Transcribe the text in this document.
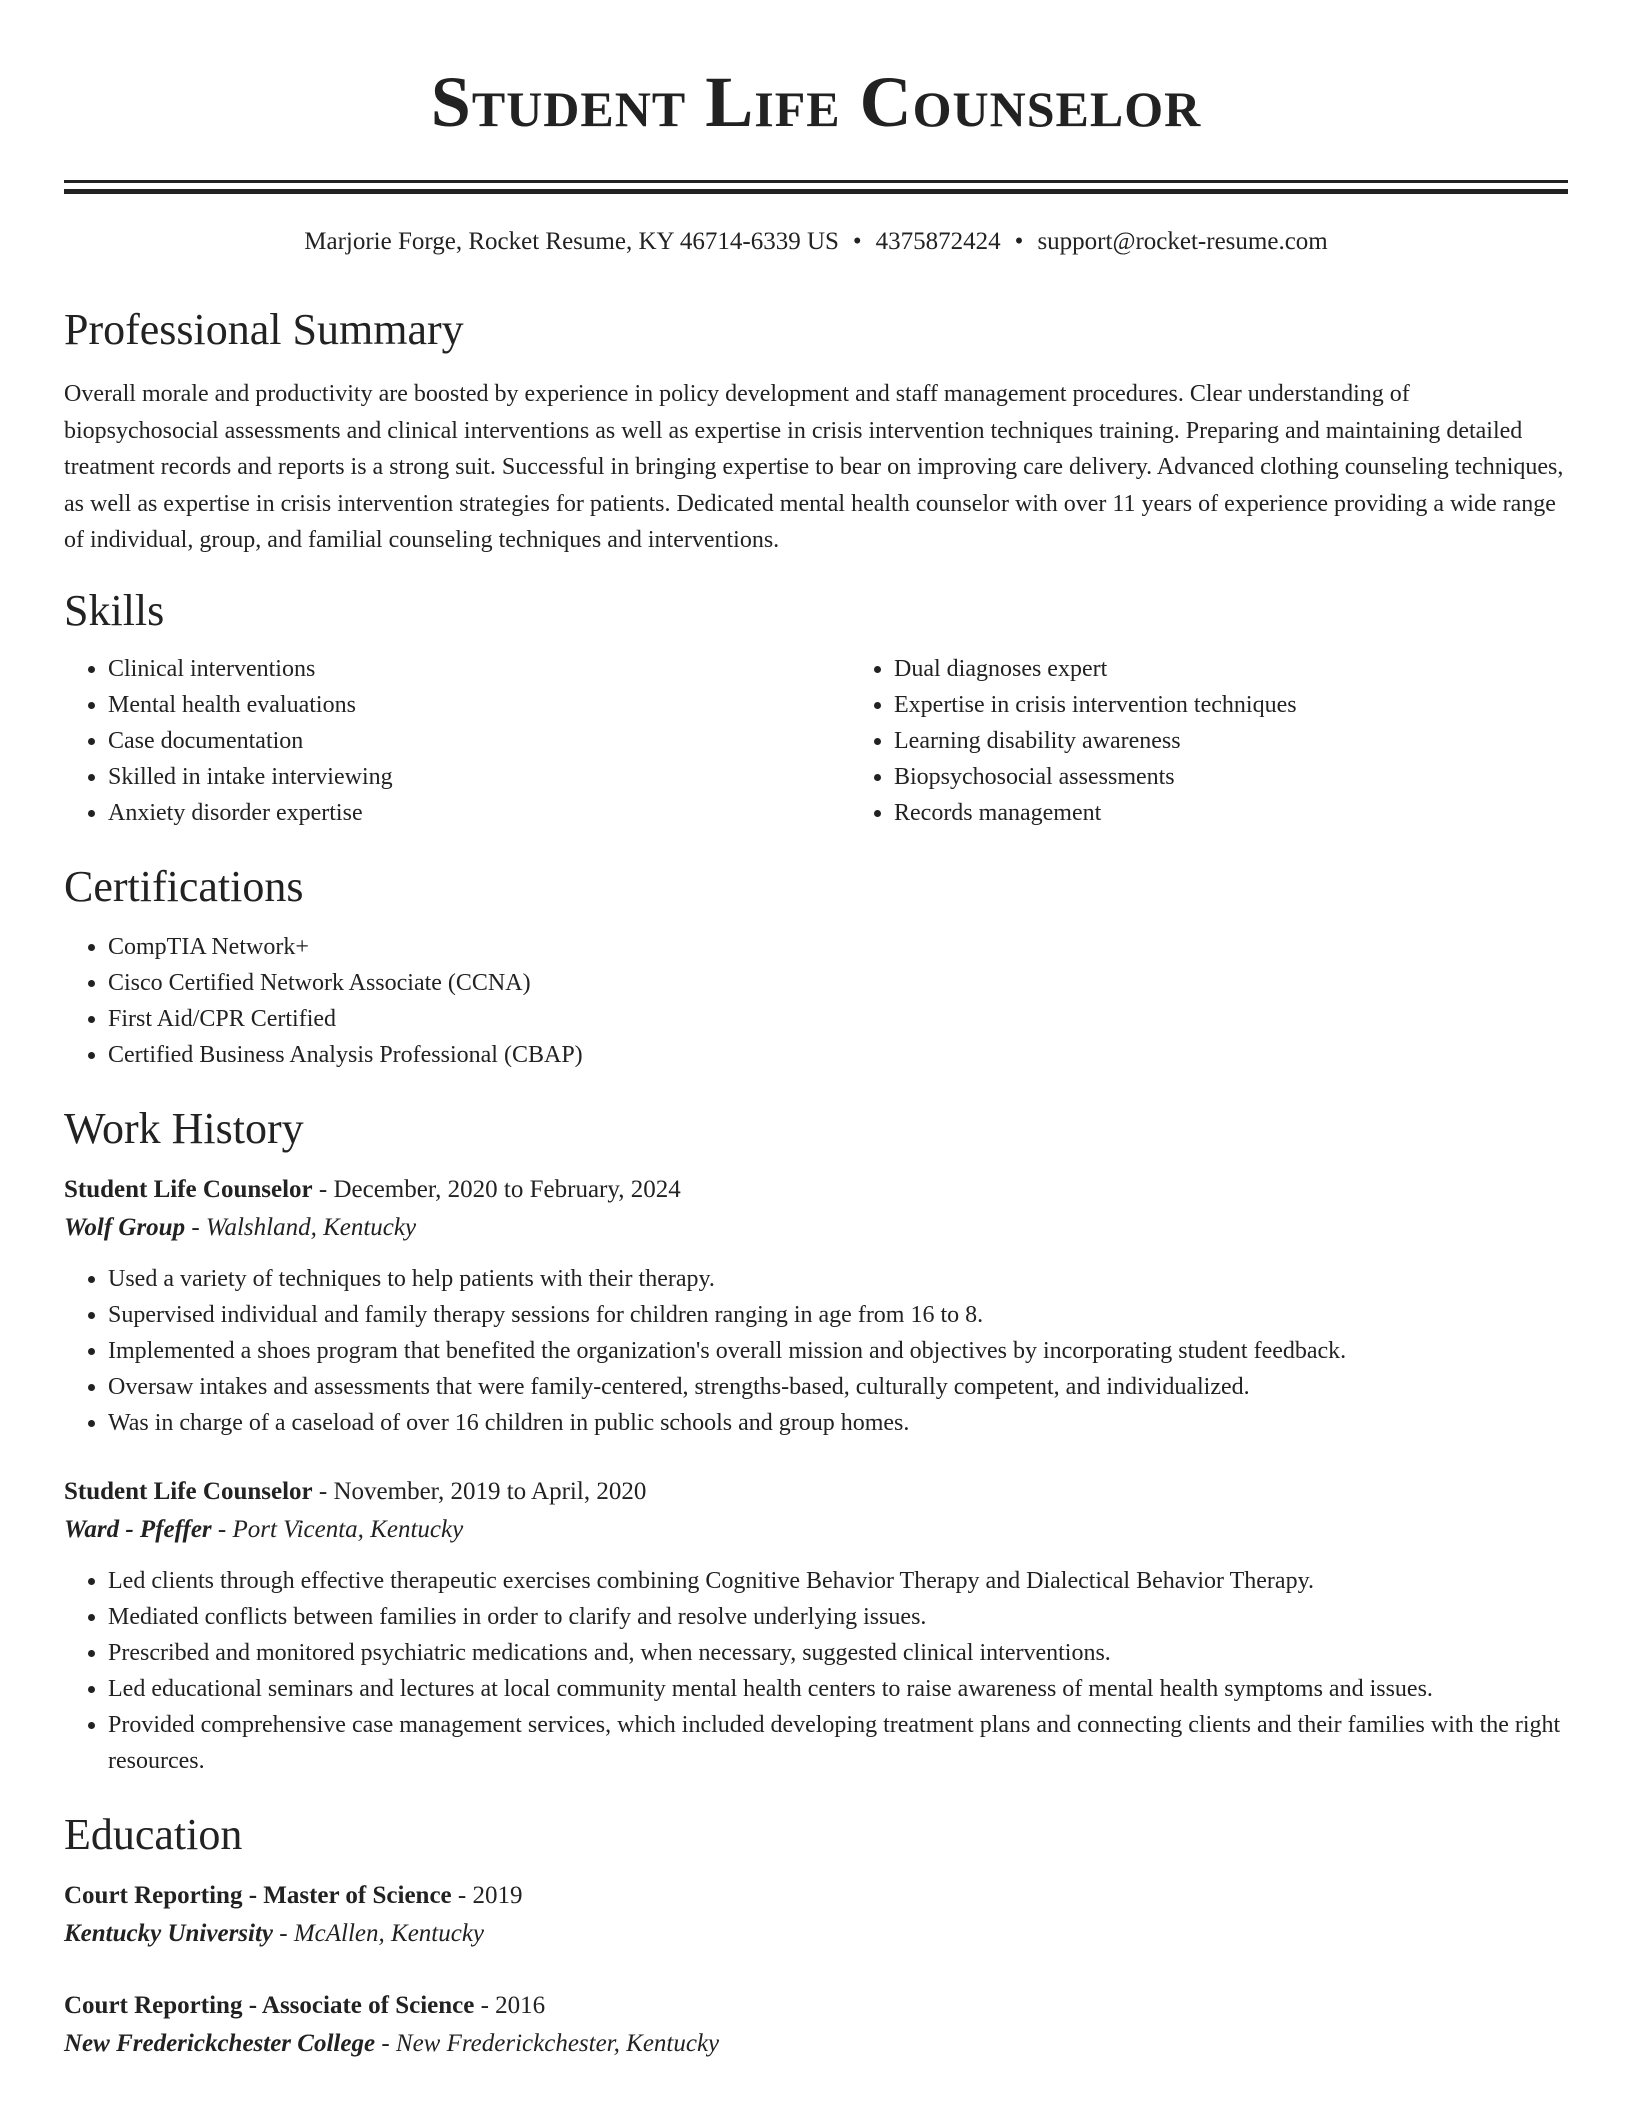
Student Life Counselor
Marjorie Forge, Rocket Resume, KY 46714-6339 US • 4375872424 • support@rocket-resume.com
Professional Summary

Overall morale and productivity are boosted by experience in policy development and staff management procedures. Clear understanding of biopsychosocial assessments and clinical interventions as well as expertise in crisis intervention techniques training. Preparing and maintaining detailed treatment records and reports is a strong suit. Successful in bringing expertise to bear on improving care delivery. Advanced clothing counseling techniques, as well as expertise in crisis intervention strategies for patients. Dedicated mental health counselor with over 11 years of experience providing a wide range of individual, group, and familial counseling techniques and interventions.

Skills
• Clinical interventions
• Mental health evaluations
• Case documentation
• Skilled in intake interviewing
• Anxiety disorder expertise
• Dual diagnoses expert
• Expertise in crisis intervention techniques
• Learning disability awareness
• Biopsychosocial assessments
• Records management
Certifications
• CompTIA Network+
• Cisco Certified Network Associate (CCNA)
• First Aid/CPR Certified
• Certified Business Analysis Professional (CBAP)
Work History
Student Life Counselor - December, 2020 to February, 2024
Wolf Group - Walshland, Kentucky
• Used a variety of techniques to help patients with their therapy.
• Supervised individual and family therapy sessions for children ranging in age from 16 to 8.
• Implemented a shoes program that benefited the organization's overall mission and objectives by incorporating student feedback.
• Oversaw intakes and assessments that were family-centered, strengths-based, culturally competent, and individualized.
• Was in charge of a caseload of over 16 children in public schools and group homes.
Student Life Counselor - November, 2019 to April, 2020
Ward - Pfeffer - Port Vicenta, Kentucky
• Led clients through effective therapeutic exercises combining Cognitive Behavior Therapy and Dialectical Behavior Therapy.
• Mediated conflicts between families in order to clarify and resolve underlying issues.
• Prescribed and monitored psychiatric medications and, when necessary, suggested clinical interventions.
• Led educational seminars and lectures at local community mental health centers to raise awareness of mental health symptoms and issues.
• Provided comprehensive case management services, which included developing treatment plans and connecting clients and their families with the right resources.
Education
Court Reporting - Master of Science - 2019
Kentucky University - McAllen, Kentucky
Court Reporting - Associate of Science - 2016
New Frederickchester College - New Frederickchester, Kentucky
